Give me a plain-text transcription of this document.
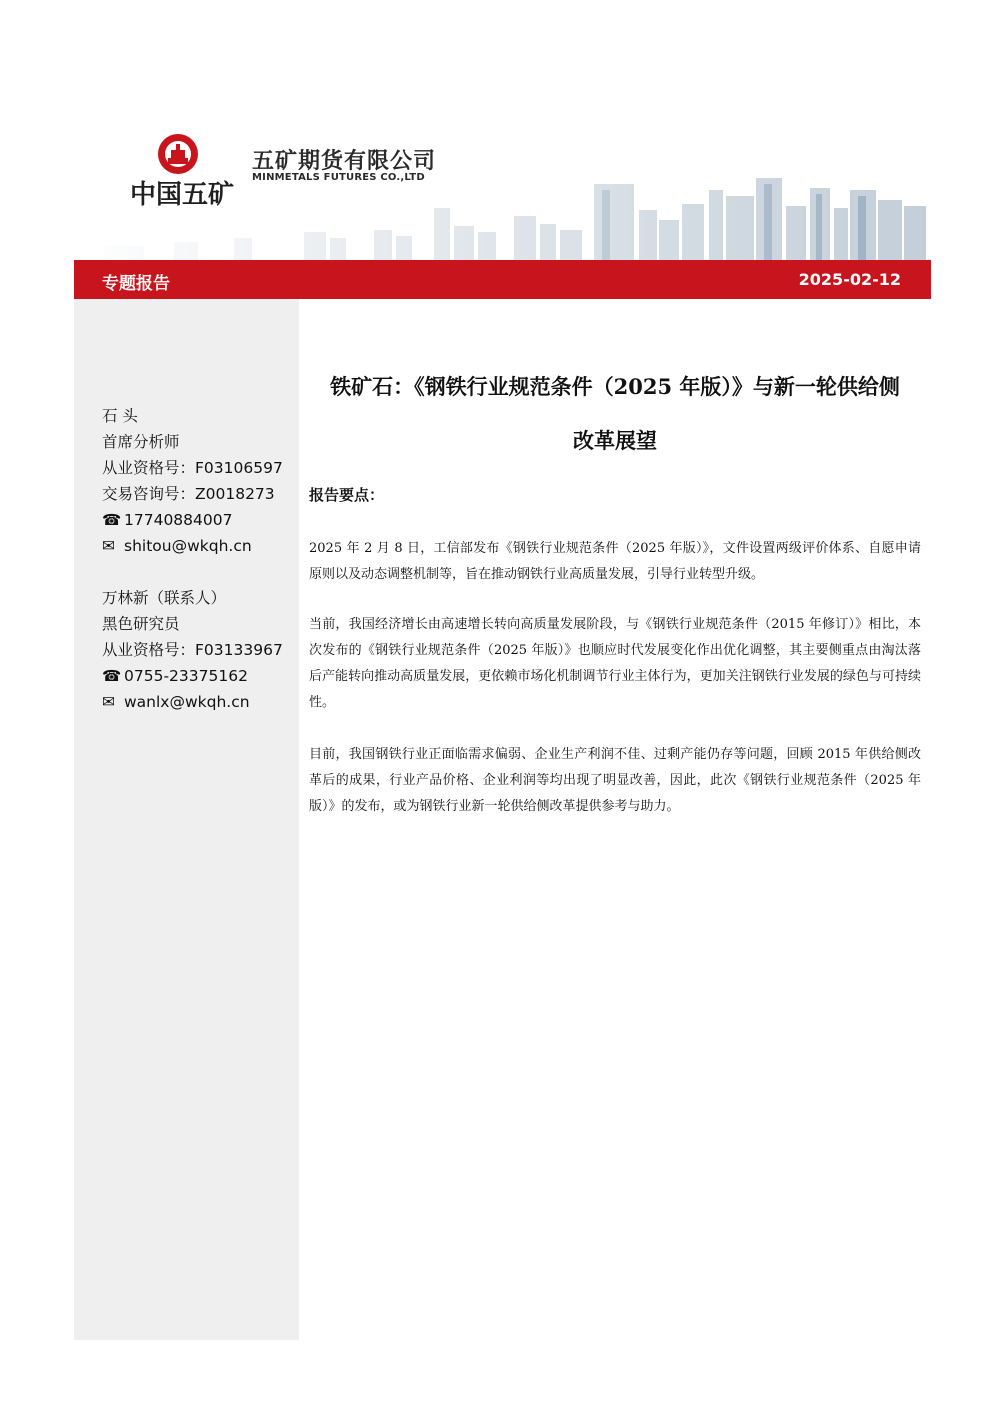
中国五矿
五矿期货有限公司
MINMETALS FUTURES CO.,LTD
专题报告	2025-02-12
石 头
首席分析师
从业资格号：F03106597
交易咨询号：Z0018273
☎ 17740884007
✉ shitou@wkqh.cn
万林新（联系人）
黑色研究员
从业资格号：F03133967
☎ 0755-23375162
✉ wanlx@wkqh.cn
铁矿石：《钢铁行业规范条件（2025 年版）》与新一轮供给侧
改革展望
报告要点：
2025 年 2 月 8 日，工信部发布《钢铁行业规范条件（2025 年版）》，文件设置两级评价体系、自愿申请原则以及动态调整机制等，旨在推动钢铁行业高质量发展，引导行业转型升级。
当前，我国经济增长由高速增长转向高质量发展阶段，与《钢铁行业规范条件（2015 年修订）》相比，本次发布的《钢铁行业规范条件（2025 年版）》也顺应时代发展变化作出优化调整，其主要侧重点由淘汰落后产能转向推动高质量发展，更依赖市场化机制调节行业主体行为，更加关注钢铁行业发展的绿色与可持续性。
目前，我国钢铁行业正面临需求偏弱、企业生产利润不佳、过剩产能仍存等问题，回顾 2015 年供给侧改革后的成果，行业产品价格、企业利润等均出现了明显改善，因此，此次《钢铁行业规范条件（2025 年版）》的发布，或为钢铁行业新一轮供给侧改革提供参考与助力。
